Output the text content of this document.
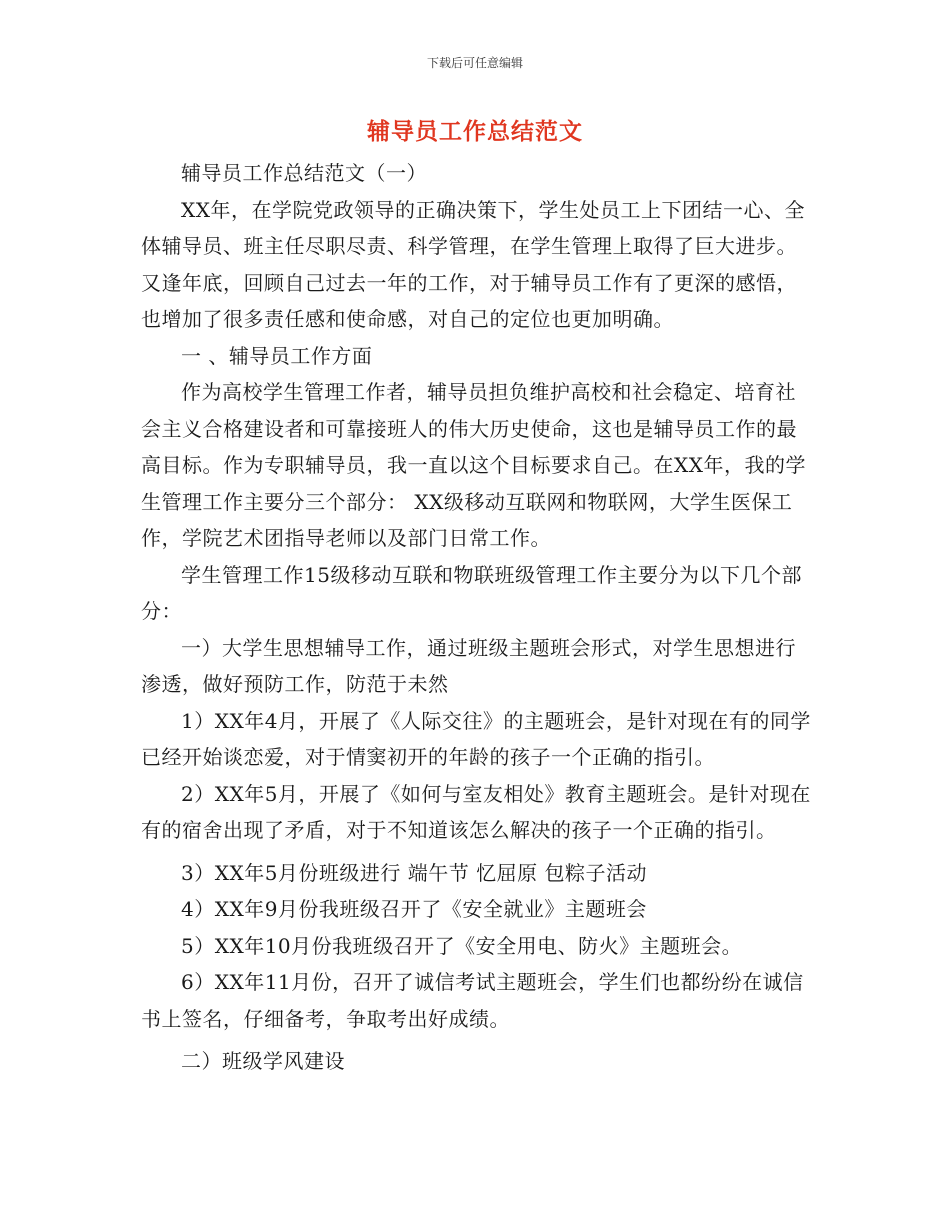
下载后可任意编辑
辅导员工作总结范文

辅导员工作总结范文（一）

XX年，在学院党政领导的正确决策下，学生处员工上下团结一心、全体辅导员、班主任尽职尽责、科学管理，在学生管理上取得了巨大进步。又逢年底，回顾自己过去一年的工作，对于辅导员工作有了更深的感悟，也增加了很多责任感和使命感，对自己的定位也更加明确。

一 、辅导员工作方面

作为高校学生管理工作者，辅导员担负维护高校和社会稳定、培育社会主义合格建设者和可靠接班人的伟大历史使命，这也是辅导员工作的最高目标。作为专职辅导员，我一直以这个目标要求自己。在XX年，我的学生管理工作主要分三个部分： XX级移动互联网和物联网，大学生医保工作，学院艺术团指导老师以及部门日常工作。

学生管理工作15级移动互联和物联班级管理工作主要分为以下几个部分：

一）大学生思想辅导工作，通过班级主题班会形式，对学生思想进行渗透，做好预防工作，防范于未然

1）XX年4月，开展了《人际交往》的主题班会，是针对现在有的同学已经开始谈恋爱，对于情窦初开的年龄的孩子一个正确的指引。

2）XX年5月，开展了《如何与室友相处》教育主题班会。是针对现在有的宿舍出现了矛盾，对于不知道该怎么解决的孩子一个正确的指引。

3）XX年5月份班级进行 端午节 忆屈原 包粽子活动

4）XX年9月份我班级召开了《安全就业》主题班会

5）XX年10月份我班级召开了《安全用电、防火》主题班会。

6）XX年11月份，召开了诚信考试主题班会，学生们也都纷纷在诚信书上签名，仔细备考，争取考出好成绩。

二）班级学风建设
